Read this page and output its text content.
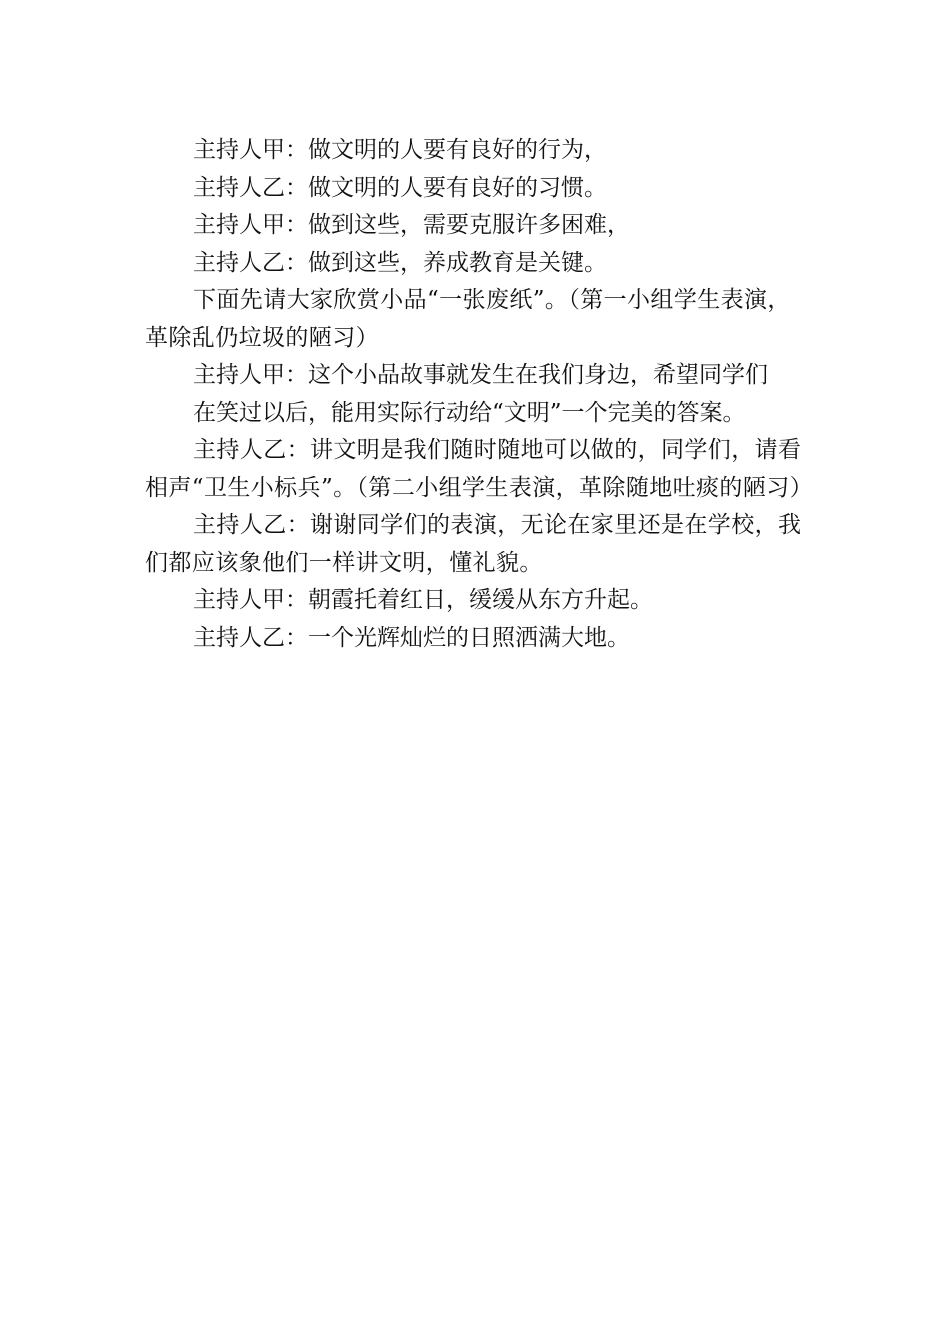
主持人甲：做文明的人要有良好的行为，

主持人乙：做文明的人要有良好的习惯。

主持人甲：做到这些，需要克服许多困难，

主持人乙：做到这些，养成教育是关键。

下面先请大家欣赏小品“一张废纸”。（第一小组学生表演，革除乱仍垃圾的陋习）

主持人甲：这个小品故事就发生在我们身边，希望同学们

在笑过以后，能用实际行动给“文明”一个完美的答案。

主持人乙：讲文明是我们随时随地可以做的，同学们，请看相声“卫生小标兵”。（第二小组学生表演，革除随地吐痰的陋习）

主持人乙：谢谢同学们的表演，无论在家里还是在学校，我们都应该象他们一样讲文明，懂礼貌。

主持人甲：朝霞托着红日，缓缓从东方升起。

主持人乙：一个光辉灿烂的日照洒满大地。
